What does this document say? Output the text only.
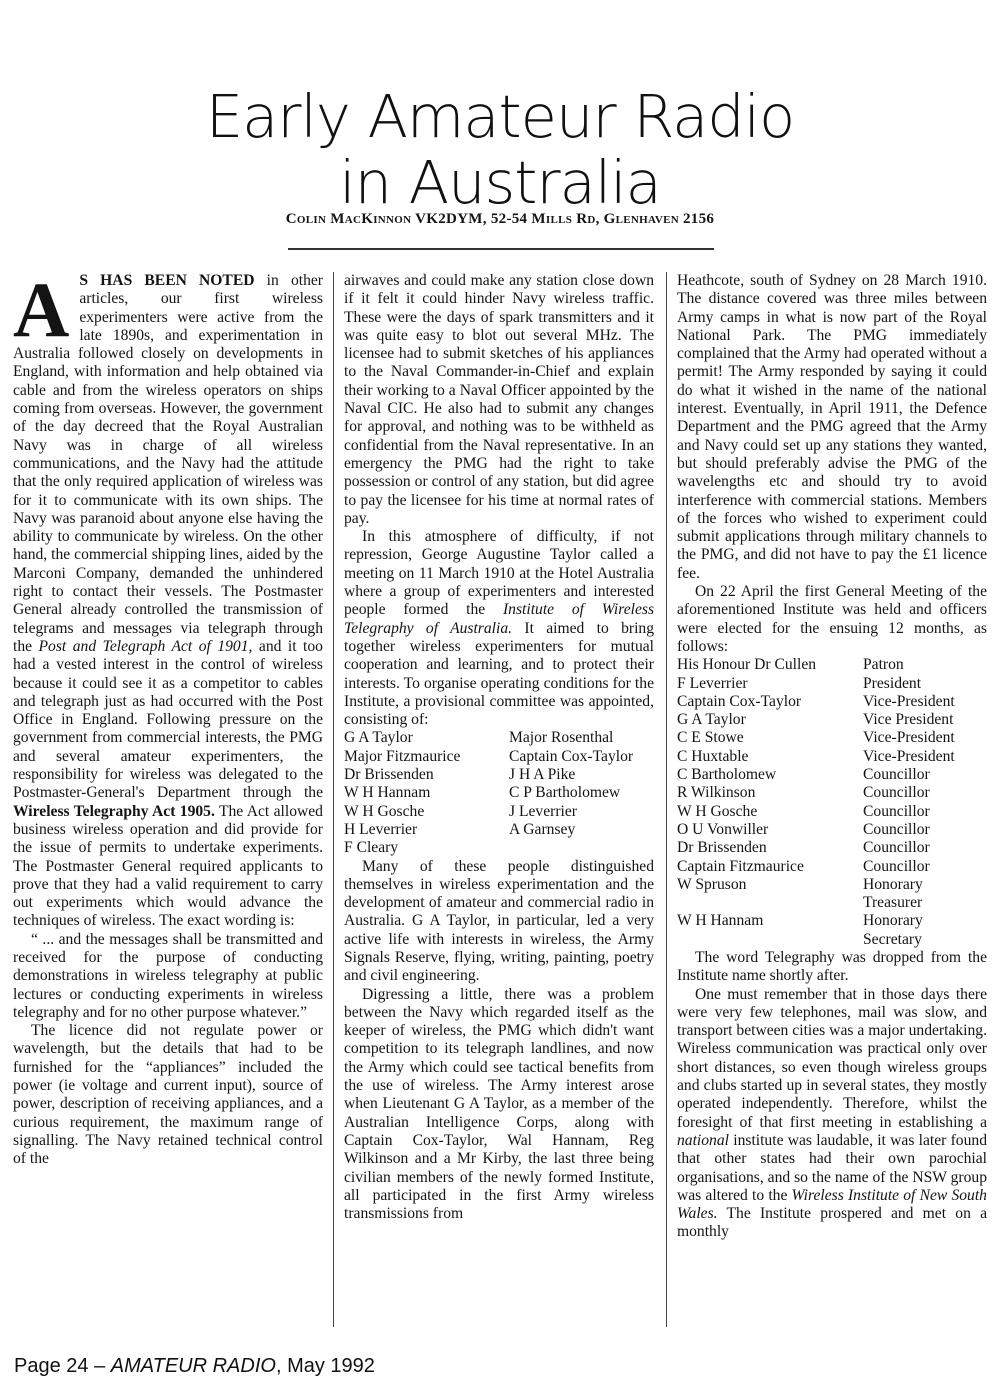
Early Amateur Radio
in Australia
Colin MacKinnon VK2DYM, 52-54 Mills Rd, Glenhaven 2156

A S HAS BEEN NOTED in other articles, our first wireless experimenters were active from the late 1890s, and experimentation in Australia followed closely on developments in England, with information and help obtained via cable and from the wireless operators on ships coming from overseas. However, the government of the day decreed that the Royal Australian Navy was in charge of all wireless communications, and the Navy had the attitude that the only required application of wireless was for it to communicate with its own ships. The Navy was paranoid about anyone else having the ability to communicate by wireless. On the other hand, the commercial shipping lines, aided by the Marconi Company, demanded the unhindered right to contact their vessels. The Postmaster General already controlled the transmission of telegrams and messages via telegraph through the Post and Telegraph Act of 1901, and it too had a vested interest in the control of wireless because it could see it as a competitor to cables and telegraph just as had occurred with the Post Office in England. Following pressure on the government from commercial interests, the PMG and several amateur experimenters, the responsibility for wireless was delegated to the Postmaster-General's Department through the Wireless Telegraphy Act 1905. The Act allowed business wireless operation and did provide for the issue of permits to undertake experiments. The Postmaster General required applicants to prove that they had a valid requirement to carry out experiments which would advance the techniques of wireless. The exact wording is:

“ ... and the messages shall be transmitted and received for the purpose of conducting demonstrations in wireless telegraphy at public lectures or conducting experiments in wireless telegraphy and for no other purpose whatever.”

The licence did not regulate power or wavelength, but the details that had to be furnished for the “appliances” included the power (ie voltage and current input), source of power, description of receiving appliances, and a curious requirement, the maximum range of signalling. The Navy retained technical control of the

airwaves and could make any station close down if it felt it could hinder Navy wireless traffic. These were the days of spark transmitters and it was quite easy to blot out several MHz. The licensee had to submit sketches of his appliances to the Naval Commander-in-Chief and explain their working to a Naval Officer appointed by the Naval CIC. He also had to submit any changes for approval, and nothing was to be withheld as confidential from the Naval representative. In an emergency the PMG had the right to take possession or control of any station, but did agree to pay the licensee for his time at normal rates of pay.

In this atmosphere of difficulty, if not repression, George Augustine Taylor called a meeting on 11 March 1910 at the Hotel Australia where a group of experimenters and interested people formed the Institute of Wireless Telegraphy of Australia. It aimed to bring together wireless experimenters for mutual cooperation and learning, and to protect their interests. To organise operating conditions for the Institute, a provisional committee was appointed, consisting of:

G A Taylor	Major Rosenthal
Major Fitzmaurice	Captain Cox-Taylor
Dr Brissenden	J H A Pike
W H Hannam	C P Bartholomew
W H Gosche	J Leverrier
H Leverrier	A Garnsey
F Cleary

Many of these people distinguished themselves in wireless experimentation and the development of amateur and commercial radio in Australia. G A Taylor, in particular, led a very active life with interests in wireless, the Army Signals Reserve, flying, writing, painting, poetry and civil engineering.

Digressing a little, there was a problem between the Navy which regarded itself as the keeper of wireless, the PMG which didn't want competition to its telegraph landlines, and now the Army which could see tactical benefits from the use of wireless. The Army interest arose when Lieutenant G A Taylor, as a member of the Australian Intelligence Corps, along with Captain Cox-Taylor, Wal Hannam, Reg Wilkinson and a Mr Kirby, the last three being civilian members of the newly formed Institute, all participated in the first Army wireless transmissions from

Heathcote, south of Sydney on 28 March 1910. The distance covered was three miles between Army camps in what is now part of the Royal National Park. The PMG immediately complained that the Army had operated without a permit! The Army responded by saying it could do what it wished in the name of the national interest. Eventually, in April 1911, the Defence Department and the PMG agreed that the Army and Navy could set up any stations they wanted, but should preferably advise the PMG of the wavelengths etc and should try to avoid interference with commercial stations. Members of the forces who wished to experiment could submit applications through military channels to the PMG, and did not have to pay the £1 licence fee.

On 22 April the first General Meeting of the aforementioned Institute was held and officers were elected for the ensuing 12 months, as follows:

His Honour Dr Cullen	Patron
F Leverrier	President
Captain Cox-Taylor	Vice-President
G A Taylor	Vice President
C E Stowe	Vice-President
C Huxtable	Vice-President
C Bartholomew	Councillor
R Wilkinson	Councillor
W H Gosche	Councillor
O U Vonwiller	Councillor
Dr Brissenden	Councillor
Captain Fitzmaurice	Councillor
W Spruson	Honorary
Treasurer
W H Hannam	Honorary
Secretary

The word Telegraphy was dropped from the Institute name shortly after.

One must remember that in those days there were very few telephones, mail was slow, and transport between cities was a major undertaking. Wireless communication was practical only over short distances, so even though wireless groups and clubs started up in several states, they mostly operated independently. Therefore, whilst the foresight of that first meeting in establishing a national institute was laudable, it was later found that other states had their own parochial organisations, and so the name of the NSW group was altered to the Wireless Institute of New South Wales. The Institute prospered and met on a monthly

Page 24 – AMATEUR RADIO, May 1992
